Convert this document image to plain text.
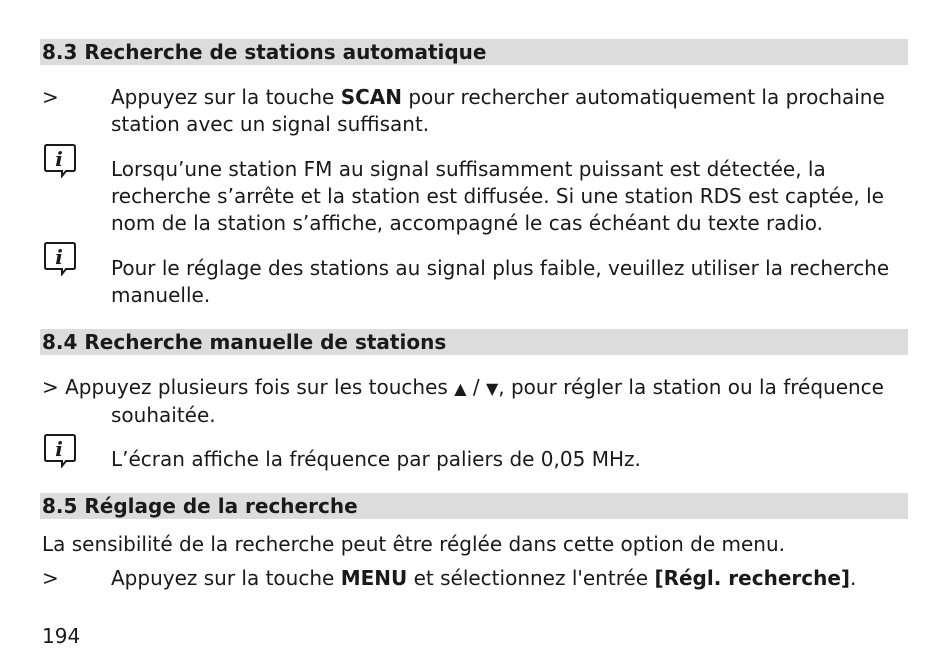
8.3 Recherche de stations automatique
>	Appuyez sur la touche SCAN pour rechercher automatiquement la prochaine station avec un signal suffisant.
i Lorsqu’une station FM au signal suffisamment puissant est détectée, la recherche s’arrête et la station est diffusée. Si une station RDS est captée, le nom de la station s’affiche, accompagné le cas échéant du texte radio.
i Pour le réglage des stations au signal plus faible, veuillez utiliser la recherche manuelle.
8.4 Recherche manuelle de stations
> Appuyez plusieurs fois sur les touches ▲ / ▼, pour régler la station ou la fréquence souhaitée.
i L’écran affiche la fréquence par paliers de 0,05 MHz.
8.5 Réglage de la recherche
La sensibilité de la recherche peut être réglée dans cette option de menu.
>	Appuyez sur la touche MENU et sélectionnez l'entrée [Régl. recherche].
194
